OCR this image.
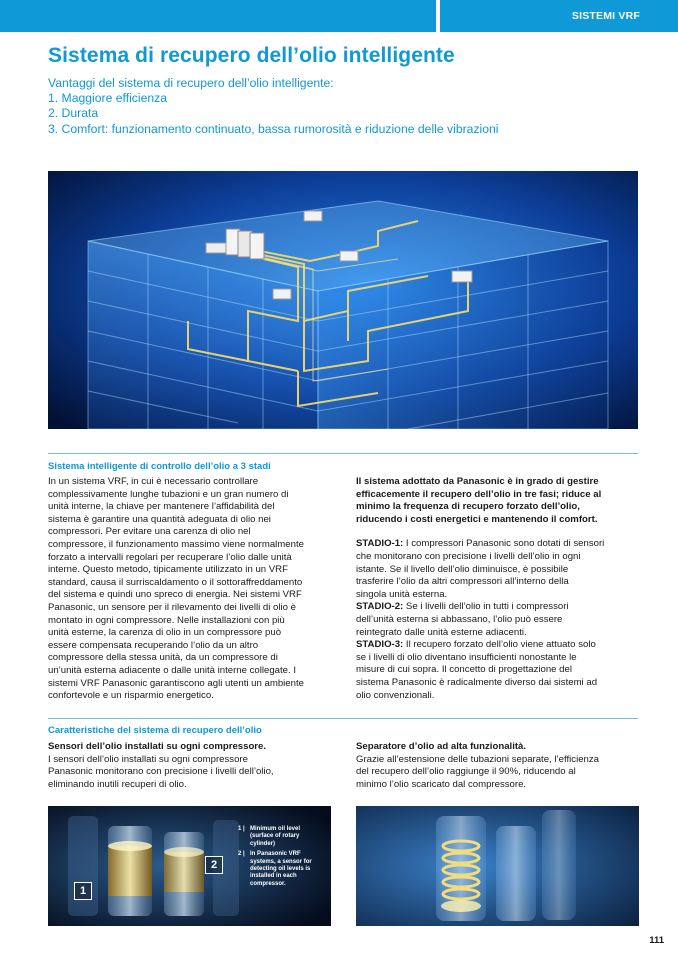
SISTEMI VRF
Sistema di recupero dell’olio intelligente
Vantaggi del sistema di recupero dell’olio intelligente:
1. Maggiore efficienza
2. Durata
3. Comfort: funzionamento continuato, bassa rumorosità e riduzione delle vibrazioni
Sistema intelligente di controllo dell’olio a 3 stadi

In un sistema VRF, in cui è necessario controllare

complessivamente lunghe tubazioni e un gran numero di

unità interne, la chiave per mantenere l’affidabilità del

sistema è garantire una quantità adeguata di olio nei

compressori. Per evitare una carenza di olio nel

compressore, il funzionamento massimo viene normalmente

forzato a intervalli regolari per recuperare l’olio dalle unità

interne. Questo metodo, tipicamente utilizzato in un VRF

standard, causa il surriscaldamento o il sottoraffreddamento

del sistema e quindi uno spreco di energia. Nei sistemi VRF

Panasonic, un sensore per il rilevamento dei livelli di olio è

montato in ogni compressore. Nelle installazioni con più

unità esterne, la carenza di olio in un compressore può

essere compensata recuperando l’olio da un altro

compressore della stessa unità, da un compressore di

un’unità esterna adiacente o dalle unità interne collegate. I

sistemi VRF Panasonic garantiscono agli utenti un ambiente

confortevole e un risparmio energetico.

Il sistema adottato da Panasonic è in grado di gestire

efficacemente il recupero dell’olio in tre fasi; riduce al

minimo la frequenza di recupero forzato dell’olio,

riducendo i costi energetici e mantenendo il comfort.

STADIO-1: I compressori Panasonic sono dotati di sensori

che monitorano con precisione i livelli dell’olio in ogni

istante. Se il livello dell’olio diminuisce, è possibile

trasferire l’olio da altri compressori all’interno della

singola unità esterna.

STADIO-2: Se i livelli dell’olio in tutti i compressori

dell’unità esterna si abbassano, l’olio può essere

reintegrato dalle unità esterne adiacenti.

STADIO-3: Il recupero forzato dell’olio viene attuato solo

se i livelli di olio diventano insufficienti nonostante le

misure di cui sopra. Il concetto di progettazione del

sistema Panasonic è radicalmente diverso dai sistemi ad

olio convenzionali.

Caratteristiche del sistema di recupero dell’olio

Sensori dell’olio installati su ogni compressore.

I sensori dell’olio installati su ogni compressore

Panasonic monitorano con precisione i livelli dell’olio,

eliminando inutili recuperi di olio.

Separatore d’olio ad alta funzionalità.

Grazie all’estensione delle tubazioni separate, l’efficienza

del recupero dell’olio raggiunge il 90%, riducendo al

minimo l’olio scaricato dal compressore.

1
2
1 | Minimum oil level
(surface of rotary
cylinder)
2 | In Panasonic VRF
systems, a sensor for
detecting oil levels is
installed in each
compressor.
111
